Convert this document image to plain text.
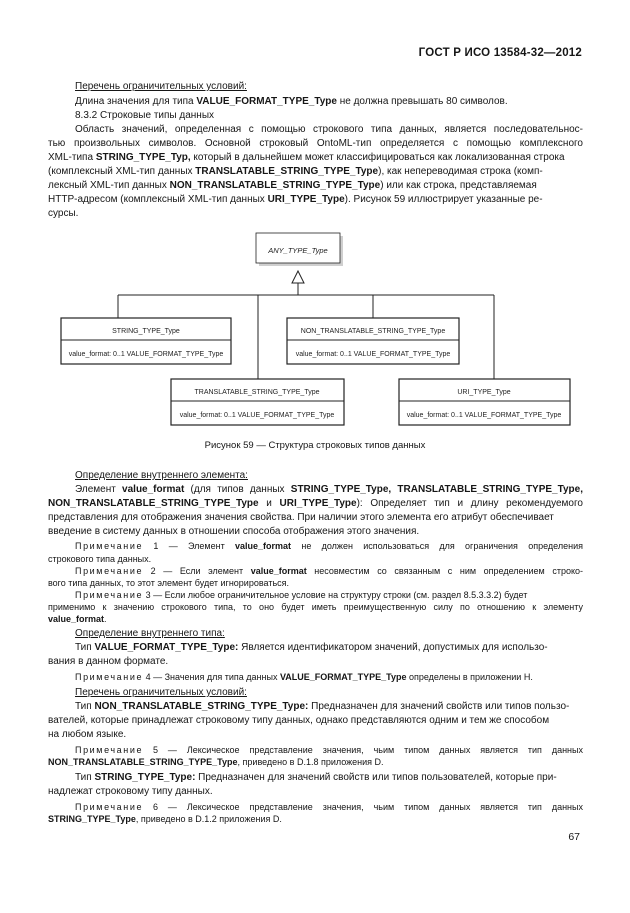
ГОСТ Р ИСО 13584-32—2012
Перечень ограничительных условий:
Длина значения для типа VALUE_FORMAT_TYPE_Type не должна превышать 80 символов.
8.3.2 Строковые типы данных
Область значений, определенная с помощью строкового типа данных, является последовательнос-
тью произвольных символов. Основной строковый OntoML-тип определяется с помощью комплексного
XML-типа STRING_TYPE_Typ, который в дальнейшем может классифицироваться как локализованная строка
(комплексный XML-тип данных TRANSLATABLE_STRING_TYPE_Type), как непереводимая строка (комп-
лексный XML-тип данных NON_TRANSLATABLE_STRING_TYPE_Type) или как строка, представляемая
HTTP-адресом (комплексный XML-тип данных URI_TYPE_Type). Рисунок 59 иллюстрирует указанные ре-
сурсы.
ANY_TYPE_Type
STRING_TYPE_Type
value_format: 0..1 VALUE_FORMAT_TYPE_Type
NON_TRANSLATABLE_STRING_TYPE_Type
value_format: 0..1 VALUE_FORMAT_TYPE_Type
TRANSLATABLE_STRING_TYPE_Type
value_format: 0..1 VALUE_FORMAT_TYPE_Type
URI_TYPE_Type
value_format: 0..1 VALUE_FORMAT_TYPE_Type
Рисунок 59 — Структура строковых типов данных
Определение внутреннего элемента:
Элемент value_format (для типов данных STRING_TYPE_Type, TRANSLATABLE_STRING_TYPE_Type,
NON_TRANSLATABLE_STRING_TYPE_Type и URI_TYPE_Type): Определяет тип и длину рекомендуемого
представления для отображения значения свойства. При наличии этого элемента его атрибут обеспечивает
введение в систему данных в отношении способа отображения этого значения.
Примечание 1 — Элемент value_format не должен использоваться для ограничения определения
строкового типа данных.
Примечание 2 — Если элемент value_format несовместим со связанным с ним определением строко-
вого типа данных, то этот элемент будет игнорироваться.
Примечание 3 — Если любое ограничительное условие на структуру строки (см. раздел 8.5.3.3.2) будет
применимо к значению строкового типа, то оно будет иметь преимущественную силу по отношению к элементу
value_format.
Определение внутреннего типа:
Тип VALUE_FORMAT_TYPE_Type: Является идентификатором значений, допустимых для использо-
вания в данном формате.
Примечание 4 — Значения для типа данных VALUE_FORMAT_TYPE_Type определены в приложении H.
Перечень ограничительных условий:
Тип NON_TRANSLATABLE_STRING_TYPE_Type: Предназначен для значений свойств или типов пользо-
вателей, которые принадлежат строковому типу данных, однако представляются одним и тем же способом
на любом языке.
Примечание 5 — Лексическое представление значения, чьим типом данных является тип данных
NON_TRANSLATABLE_STRING_TYPE_Type, приведено в D.1.8 приложения D.
Тип STRING_TYPE_Type: Предназначен для значений свойств или типов пользователей, которые при-
надлежат строковому типу данных.
Примечание 6 — Лексическое представление значения, чьим типом данных является тип данных
STRING_TYPE_Type, приведено в D.1.2 приложения D.
67
